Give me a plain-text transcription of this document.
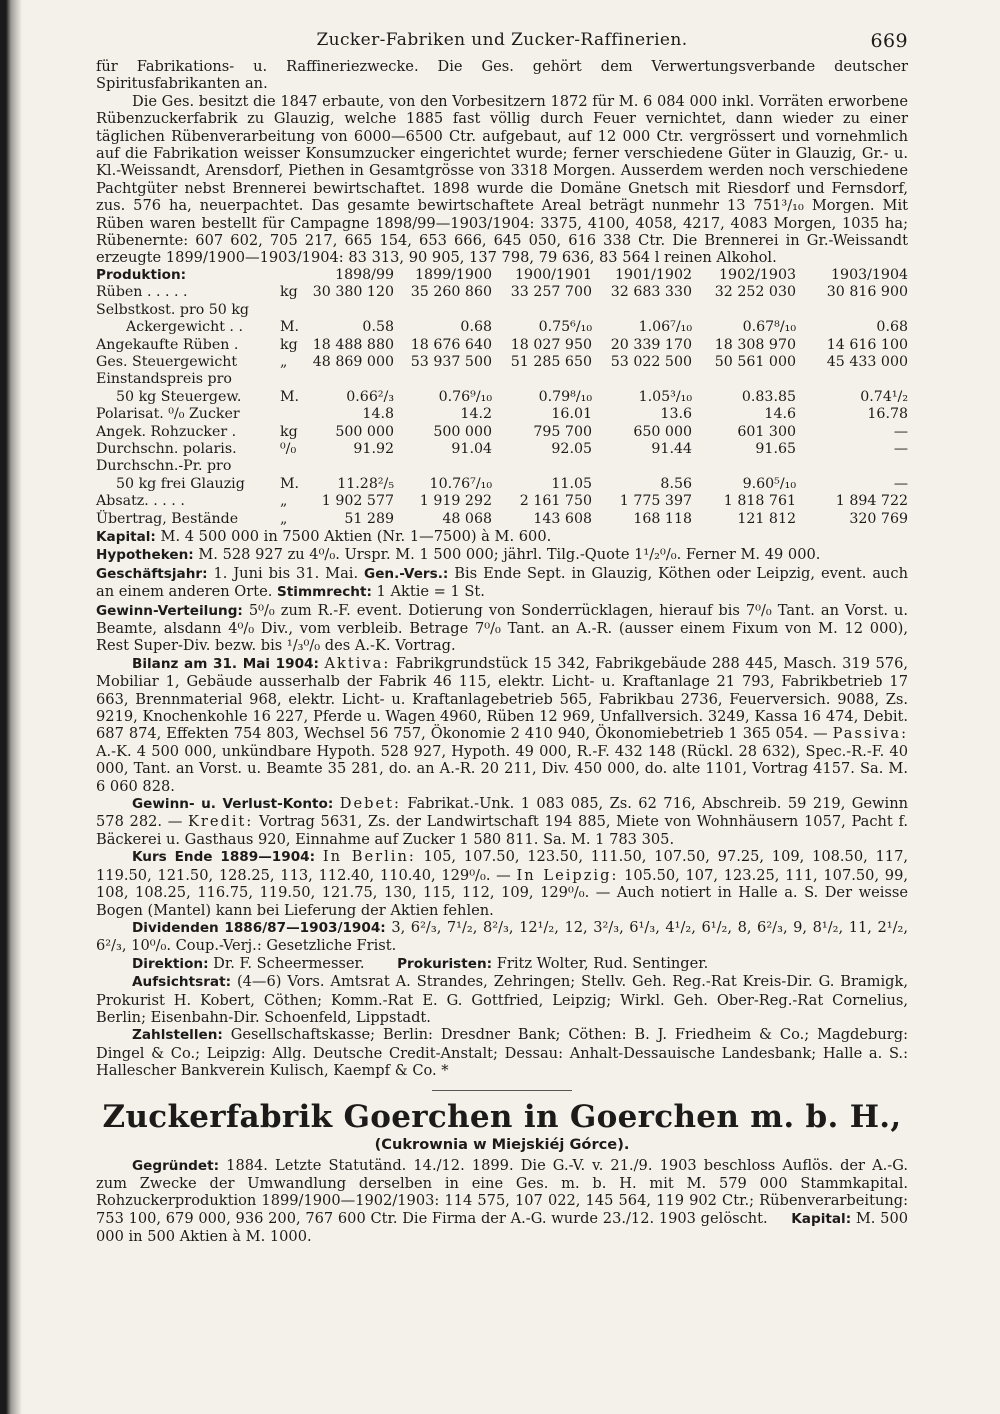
Zucker-Fabriken und Zucker-Raffinerien.	669

für Fabrikations- u. Raffineriezwecke. Die Ges. gehört dem Verwertungsverbande deutscher Spiritusfabrikanten an.

Die Ges. besitzt die 1847 erbaute, von den Vorbesitzern 1872 für M. 6 084 000 inkl. Vorräten erworbene Rübenzuckerfabrik zu Glauzig, welche 1885 fast völlig durch Feuer vernichtet, dann wieder zu einer täglichen Rübenverarbeitung von 6000—6500 Ctr. aufgebaut, auf 12 000 Ctr. vergrössert und vornehmlich auf die Fabrikation weisser Konsumzucker eingerichtet wurde; ferner verschiedene Güter in Glauzig, Gr.- u. Kl.-Weissandt, Arensdorf, Piethen in Gesamtgrösse von 3318 Morgen. Ausserdem werden noch verschiedene Pachtgüter nebst Brennerei bewirtschaftet. 1898 wurde die Domäne Gnetsch mit Riesdorf und Fernsdorf, zus. 576 ha, neuerpachtet. Das gesamte bewirtschaftete Areal beträgt nunmehr 13 751³/₁₀ Morgen. Mit Rüben waren bestellt für Campagne 1898/99—1903/1904: 3375, 4100, 4058, 4217, 4083 Morgen, 1035 ha; Rübenernte: 607 602, 705 217, 665 154, 653 666, 645 050, 616 338 Ctr. Die Brennerei in Gr.-Weissandt erzeugte 1899/1900—1903/1904: 83 313, 90 905, 137 798, 79 636, 83 564 l reinen Alkohol.

Produktion:		1898/99	1899/1900	1900/1901	1901/1902	1902/1903	1903/1904
Rüben . . . . .	kg	30 380 120	35 260 860	33 257 700	32 683 330	32 252 030	30 816 900
Selbstkost. pro 50 kg							
Ackergewicht . .	M.	0.58	0.68	0.75⁶/₁₀	1.06⁷/₁₀	0.67⁸/₁₀	0.68
Angekaufte Rüben .	kg	18 488 880	18 676 640	18 027 950	20 339 170	18 308 970	14 616 100
Ges. Steuergewicht	„	48 869 000	53 937 500	51 285 650	53 022 500	50 561 000	45 433 000
Einstandspreis pro							
50 kg Steuergew.	M.	0.66²/₃	0.76⁹/₁₀	0.79⁸/₁₀	1.05³/₁₀	0.83.85	0.74¹/₂
Polarisat. ⁰/₀ Zucker		14.8	14.2	16.01	13.6	14.6	16.78
Angek. Rohzucker .	kg	500 000	500 000	795 700	650 000	601 300	—
Durchschn. polaris.	⁰/₀	91.92	91.04	92.05	91.44	91.65	—
Durchschn.-Pr. pro							
50 kg frei Glauzig	M.	11.28²/₅	10.76⁷/₁₀	11.05	8.56	9.60⁵/₁₀	—
Absatz. . . . .	„	1 902 577	1 919 292	2 161 750	1 775 397	1 818 761	1 894 722
Übertrag, Bestände	„	51 289	48 068	143 608	168 118	121 812	320 769

Kapital: M. 4 500 000 in 7500 Aktien (Nr. 1—7500) à M. 600.

Hypotheken: M. 528 927 zu 4⁰/₀. Urspr. M. 1 500 000; jährl. Tilg.-Quote 1¹/₂⁰/₀. Ferner M. 49 000.

Geschäftsjahr: 1. Juni bis 31. Mai. Gen.-Vers.: Bis Ende Sept. in Glauzig, Köthen oder Leipzig, event. auch an einem anderen Orte. Stimmrecht: 1 Aktie = 1 St.

Gewinn-Verteilung: 5⁰/₀ zum R.-F. event. Dotierung von Sonderrücklagen, hierauf bis 7⁰/₀ Tant. an Vorst. u. Beamte, alsdann 4⁰/₀ Div., vom verbleib. Betrage 7⁰/₀ Tant. an A.-R. (ausser einem Fixum von M. 12 000), Rest Super-Div. bezw. bis ¹/₃⁰/₀ des A.-K. Vortrag.

Bilanz am 31. Mai 1904: Aktiva: Fabrikgrundstück 15 342, Fabrikgebäude 288 445, Masch. 319 576, Mobiliar 1, Gebäude ausserhalb der Fabrik 46 115, elektr. Licht- u. Kraftanlage 21 793, Fabrikbetrieb 17 663, Brennmaterial 968, elektr. Licht- u. Kraftanlagebetrieb 565, Fabrikbau 2736, Feuerversich. 9088, Zs. 9219, Knochenkohle 16 227, Pferde u. Wagen 4960, Rüben 12 969, Unfallversich. 3249, Kassa 16 474, Debit. 687 874, Effekten 754 803, Wechsel 56 757, Ökonomie 2 410 940, Ökonomiebetrieb 1 365 054. — Passiva: A.-K. 4 500 000, unkündbare Hypoth. 528 927, Hypoth. 49 000, R.-F. 432 148 (Rückl. 28 632), Spec.-R.-F. 40 000, Tant. an Vorst. u. Beamte 35 281, do. an A.-R. 20 211, Div. 450 000, do. alte 1101, Vortrag 4157. Sa. M. 6 060 828.

Gewinn- u. Verlust-Konto: Debet: Fabrikat.-Unk. 1 083 085, Zs. 62 716, Abschreib. 59 219, Gewinn 578 282. — Kredit: Vortrag 5631, Zs. der Landwirtschaft 194 885, Miete von Wohnhäusern 1057, Pacht f. Bäckerei u. Gasthaus 920, Einnahme auf Zucker 1 580 811. Sa. M. 1 783 305.

Kurs Ende 1889—1904: In Berlin: 105, 107.50, 123.50, 111.50, 107.50, 97.25, 109, 108.50, 117, 119.50, 121.50, 128.25, 113, 112.40, 110.40, 129⁰/₀. — In Leipzig: 105.50, 107, 123.25, 111, 107.50, 99, 108, 108.25, 116.75, 119.50, 121.75, 130, 115, 112, 109, 129⁰/₀. — Auch notiert in Halle a. S. Der weisse Bogen (Mantel) kann bei Lieferung der Aktien fehlen.

Dividenden 1886/87—1903/1904: 3, 6²/₃, 7¹/₂, 8²/₃, 12¹/₂, 12, 3²/₃, 6¹/₃, 4¹/₂, 6¹/₂, 8, 6²/₃, 9, 8¹/₂, 11, 2¹/₂, 6²/₃, 10⁰/₀. Coup.-Verj.: Gesetzliche Frist.

Direktion: Dr. F. Scheermesser. Prokuristen: Fritz Wolter, Rud. Sentinger.

Aufsichtsrat: (4—6) Vors. Amtsrat A. Strandes, Zehringen; Stellv. Geh. Reg.-Rat Kreis-Dir. G. Bramigk, Prokurist H. Kobert, Cöthen; Komm.-Rat E. G. Gottfried, Leipzig; Wirkl. Geh. Ober-Reg.-Rat Cornelius, Berlin; Eisenbahn-Dir. Schoenfeld, Lippstadt.

Zahlstellen: Gesellschaftskasse; Berlin: Dresdner Bank; Cöthen: B. J. Friedheim & Co.; Magdeburg: Dingel & Co.; Leipzig: Allg. Deutsche Credit-Anstalt; Dessau: Anhalt-Dessauische Landesbank; Halle a. S.: Hallescher Bankverein Kulisch, Kaempf & Co. *

Zuckerfabrik Goerchen in Goerchen m. b. H.,
(Cukrownia w Miejskiéj Górce).

Gegründet: 1884. Letzte Statutänd. 14./12. 1899. Die G.-V. v. 21./9. 1903 beschloss Auflös. der A.-G. zum Zwecke der Umwandlung derselben in eine Ges. m. b. H. mit M. 579 000 Stammkapital. Rohzuckerproduktion 1899/1900—1902/1903: 114 575, 107 022, 145 564, 119 902 Ctr.; Rübenverarbeitung: 753 100, 679 000, 936 200, 767 600 Ctr. Die Firma der A.-G. wurde 23./12. 1903 gelöscht. Kapital: M. 500 000 in 500 Aktien à M. 1000.
